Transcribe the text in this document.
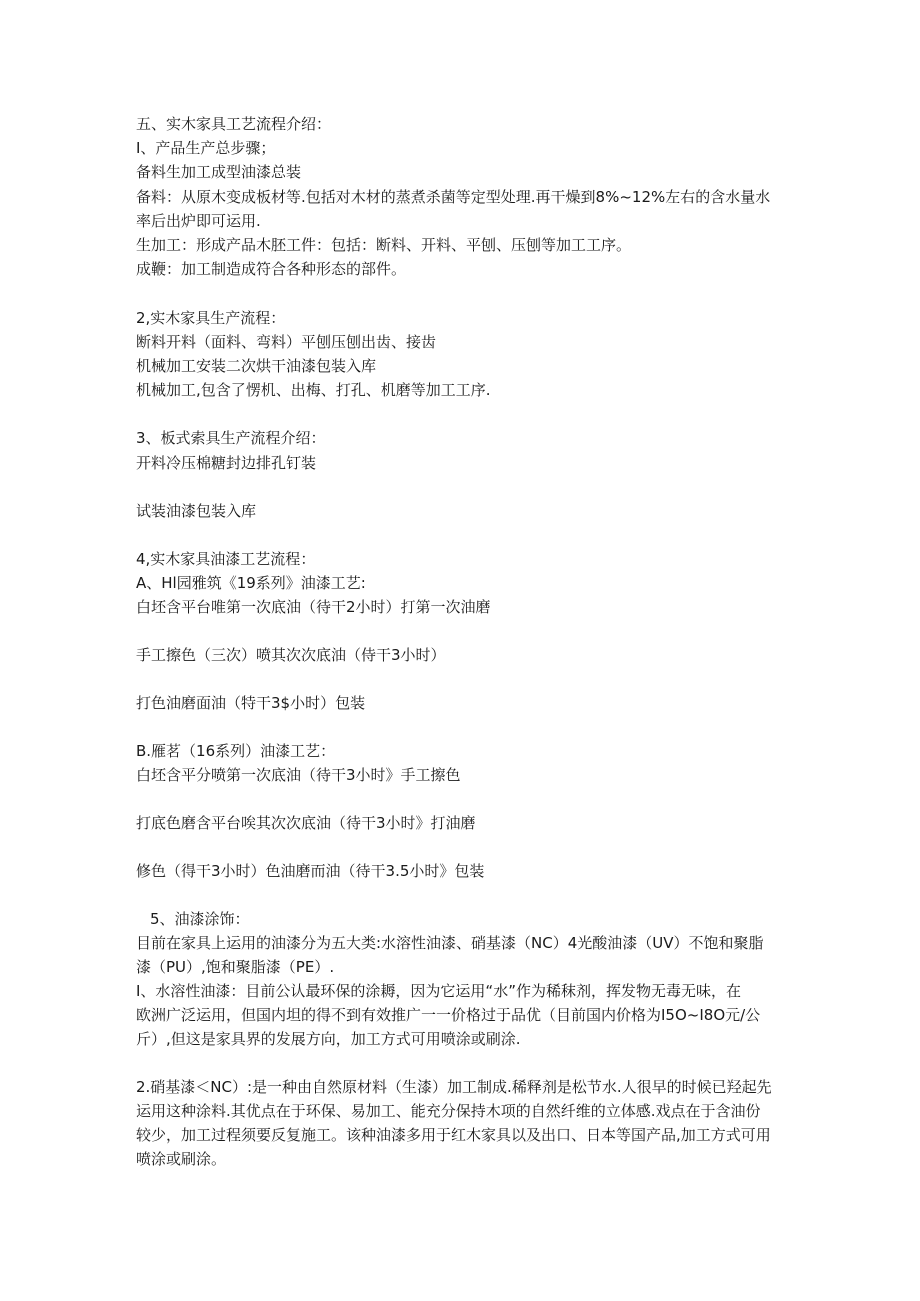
五、实木家具工艺流程介绍：
I、产品生产总步骤；
备料生加工成型油漆总装
备料：从原木变成板材等.包括对木材的蒸煮杀菌等定型处理.再干燥到8%~12%左右的含水量水
率后出炉即可运用.
生加工：形成产品木胚工件：包括：断料、开料、平刨、压刨等加工工序。
成鞭：加工制造成符合各种形态的部件。
2,实木家具生产流程：
断料开料（面料、弯料）平刨压刨出齿、接齿
机械加工安装二次烘干油漆包装入库
机械加工,包含了愣机、出梅、打孔、机磨等加工工序.
3、板式索具生产流程介绍：
开料冷压棉糖封边排孔钉装
试装油漆包装入库
4,实木家具油漆工艺流程：
A、Hl园雅筑《19系列》油漆工艺:
白坯含平台唯第一次底油（待干2小时）打第一次油磨
手工擦色（三次）喷其次次底油（侍干3小时）
打色油磨面油（特干3$小时）包装
B.雁茗（16系列）油漆工艺：
白坯含平分喷第一次底油（待干3小时》手工擦色
打底色磨含平台唉其次次底油（待干3小时》打油磨
修色（得干3小时）色油磨而油（待干3.5小时》包装
5、油漆涂饰：
目前在家具上运用的油漆分为五大类:水溶性油漆、硝基漆（NC）4光酸油漆（UV）不饱和聚脂
漆（PU）,饱和聚脂漆（PE）.
I、水溶性油漆：目前公认最环保的涂耨，因为它运用“水”作为稀秣剂，挥发物无毒无味，在
欧洲广泛运用，但国内坦的得不到有效推广一一价格过于品优（目前国内价格为I5O~I8O元/公
斤）,但这是家具界的发展方向，加工方式可用喷涂或刷涂.
2.硝基漆＜NC）:是一种由自然原材料（生漆）加工制成.稀释剂是松节水.人很早的时候已羟起先
运用这种涂料.其优点在于环保、易加工、能充分保持木项的自然纤维的立体感.戏点在于含油份
较少，加工过程须要反复施工。该种油漆多用于红木家具以及出口、日本等国产品,加工方式可用
喷涂或刷涂。
